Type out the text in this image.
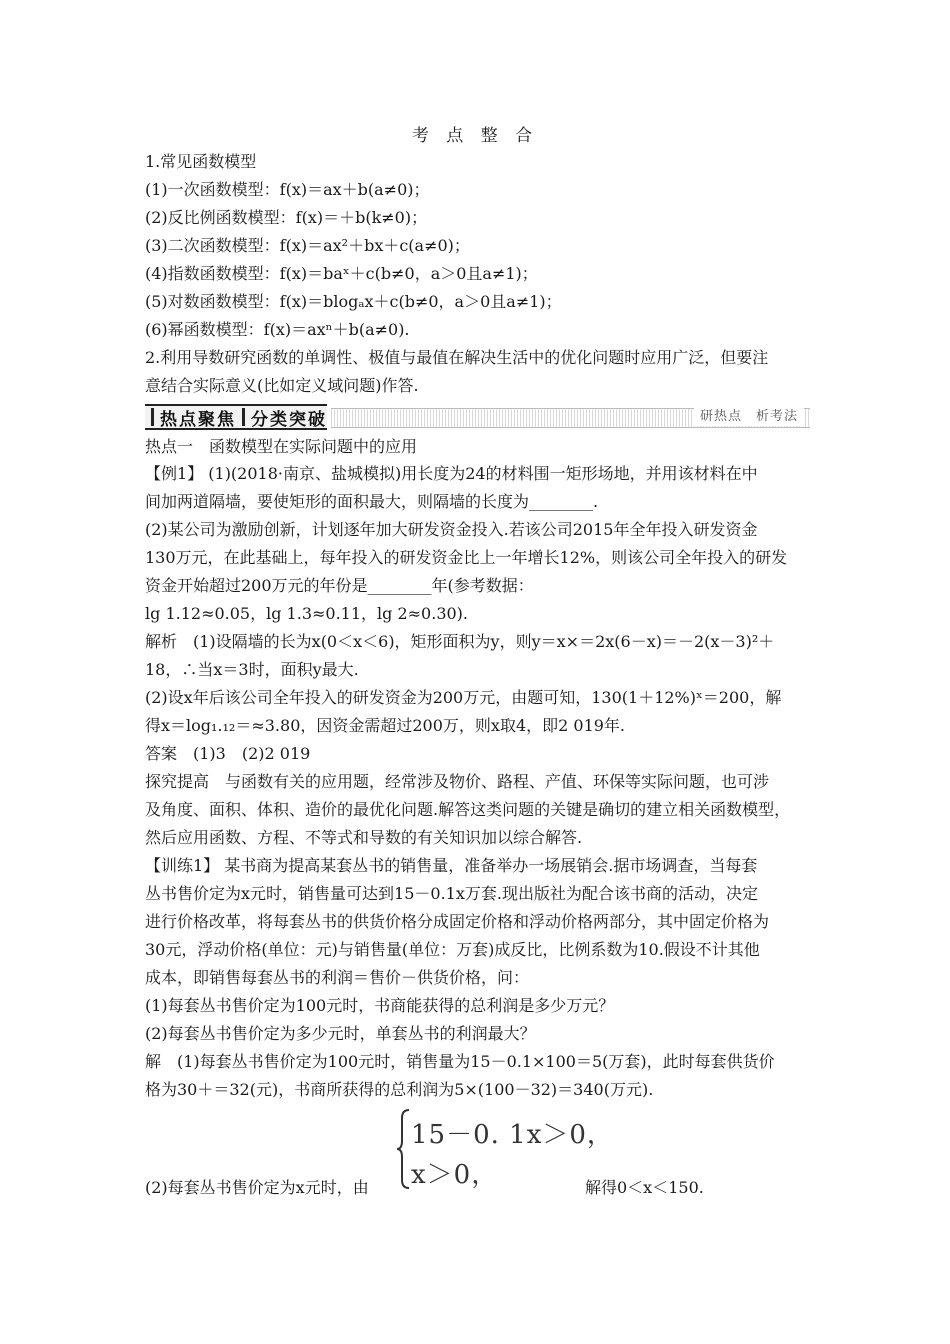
考 点 整 合
1.常见函数模型
(1)一次函数模型：f(x)＝ax＋b(a≠0)；
(2)反比例函数模型：f(x)＝＋b(k≠0)；
(3)二次函数模型：f(x)＝ax²＋bx＋c(a≠0)；
(4)指数函数模型：f(x)＝baˣ＋c(b≠0，a＞0且a≠1)；
(5)对数函数模型：f(x)＝blogₐx＋c(b≠0，a＞0且a≠1)；
(6)幂函数模型：f(x)＝axⁿ＋b(a≠0).
2.利用导数研究函数的单调性、极值与最值在解决生活中的优化问题时应用广泛，但要注
意结合实际意义(比如定义域问题)作答.
热点聚焦 分类突破	研热点　析考法
热点一　函数模型在实际问题中的应用
【例1】 (1)(2018·南京、盐城模拟)用长度为24的材料围一矩形场地，并用该材料在中
间加两道隔墙，要使矩形的面积最大，则隔墙的长度为________.
(2)某公司为激励创新，计划逐年加大研发资金投入.若该公司2015年全年投入研发资金
130万元，在此基础上，每年投入的研发资金比上一年增长12%，则该公司全年投入的研发
资金开始超过200万元的年份是________年(参考数据：
lg 1.12≈0.05，lg 1.3≈0.11，lg 2≈0.30).
解析　(1)设隔墙的长为x(0＜x＜6)，矩形面积为y，则y＝x×＝2x(6－x)＝－2(x－3)²＋
18，∴当x＝3时，面积y最大.
(2)设x年后该公司全年投入的研发资金为200万元，由题可知，130(1＋12%)ˣ＝200，解
得x＝log₁.₁₂＝≈3.80，因资金需超过200万，则x取4，即2 019年.
答案　(1)3　(2)2 019
探究提高　与函数有关的应用题，经常涉及物价、路程、产值、环保等实际问题，也可涉
及角度、面积、体积、造价的最优化问题.解答这类问题的关键是确切的建立相关函数模型，
然后应用函数、方程、不等式和导数的有关知识加以综合解答.
【训练1】 某书商为提高某套丛书的销售量，准备举办一场展销会.据市场调查，当每套
丛书售价定为x元时，销售量可达到15－0.1x万套.现出版社为配合该书商的活动，决定
进行价格改革，将每套丛书的供货价格分成固定价格和浮动价格两部分，其中固定价格为
30元，浮动价格(单位：元)与销售量(单位：万套)成反比，比例系数为10.假设不计其他
成本，即销售每套丛书的利润＝售价－供货价格，问：
(1)每套丛书售价定为100元时，书商能获得的总利润是多少万元？
(2)每套丛书售价定为多少元时，单套丛书的利润最大？
解　(1)每套丛书售价定为100元时，销售量为15－0.1×100＝5(万套)，此时每套供货价
格为30＋＝32(元)，书商所获得的总利润为5×(100－32)＝340(万元).
(2)每套丛书售价定为x元时，由
15－0. 1x＞0，
x＞0，	解得0＜x＜150.
